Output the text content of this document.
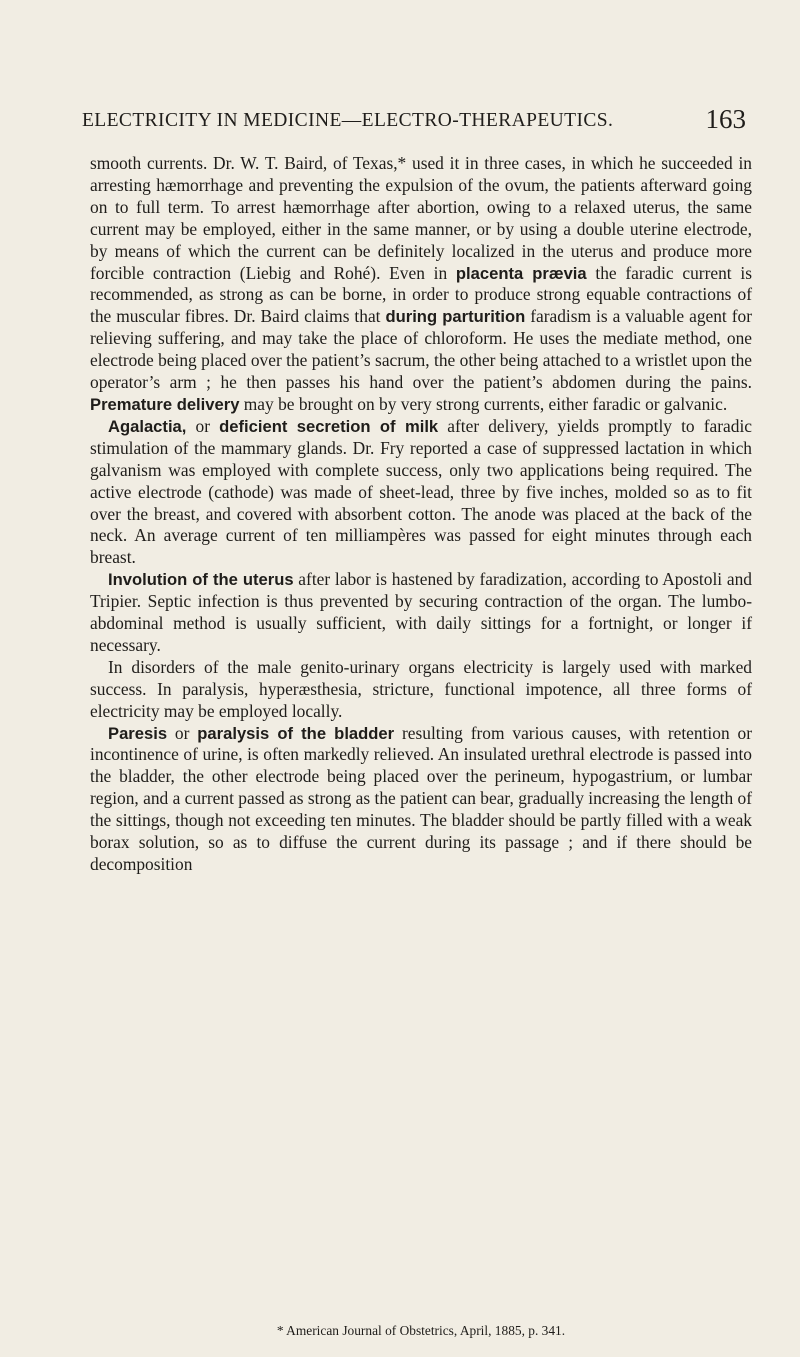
ELECTRICITY IN MEDICINE—ELECTRO-THERAPEUTICS.	163

smooth currents. Dr. W. T. Baird, of Texas,* used it in three cases, in which he succeeded in arresting hæmorrhage and preventing the expulsion of the ovum, the patients afterward going on to full term. To arrest hæmorrhage after abortion, owing to a relaxed uterus, the same current may be employed, either in the same manner, or by using a double uterine electrode, by means of which the current can be definitely localized in the uterus and produce more forcible contraction (Liebig and Rohé). Even in placenta prævia the faradic current is recommended, as strong as can be borne, in order to produce strong equable contractions of the muscular fibres. Dr. Baird claims that during parturition faradism is a valuable agent for relieving suffering, and may take the place of chloroform. He uses the mediate method, one electrode being placed over the patient’s sacrum, the other being attached to a wristlet upon the operator’s arm ; he then passes his hand over the patient’s abdomen during the pains. Premature delivery may be brought on by very strong currents, either faradic or galvanic.

Agalactia, or deficient secretion of milk after delivery, yields promptly to faradic stimulation of the mammary glands. Dr. Fry reported a case of suppressed lactation in which galvanism was employed with complete success, only two applications being required. The active electrode (cathode) was made of sheet-lead, three by five inches, molded so as to fit over the breast, and covered with absorbent cotton. The anode was placed at the back of the neck. An average current of ten milliampères was passed for eight minutes through each breast.

Involution of the uterus after labor is hastened by faradization, according to Apostoli and Tripier. Septic infection is thus prevented by securing contraction of the organ. The lumbo-abdominal method is usually sufficient, with daily sittings for a fortnight, or longer if necessary.

In disorders of the male genito-urinary organs electricity is largely used with marked success. In paralysis, hyperæsthesia, stricture, functional impotence, all three forms of electricity may be employed locally.

Paresis or paralysis of the bladder resulting from various causes, with retention or incontinence of urine, is often markedly relieved. An insulated urethral electrode is passed into the bladder, the other electrode being placed over the perineum, hypogastrium, or lumbar region, and a current passed as strong as the patient can bear, gradually increasing the length of the sittings, though not exceeding ten minutes. The bladder should be partly filled with a weak borax solution, so as to diffuse the current during its passage ; and if there should be decomposition

* American Journal of Obstetrics, April, 1885, p. 341.
